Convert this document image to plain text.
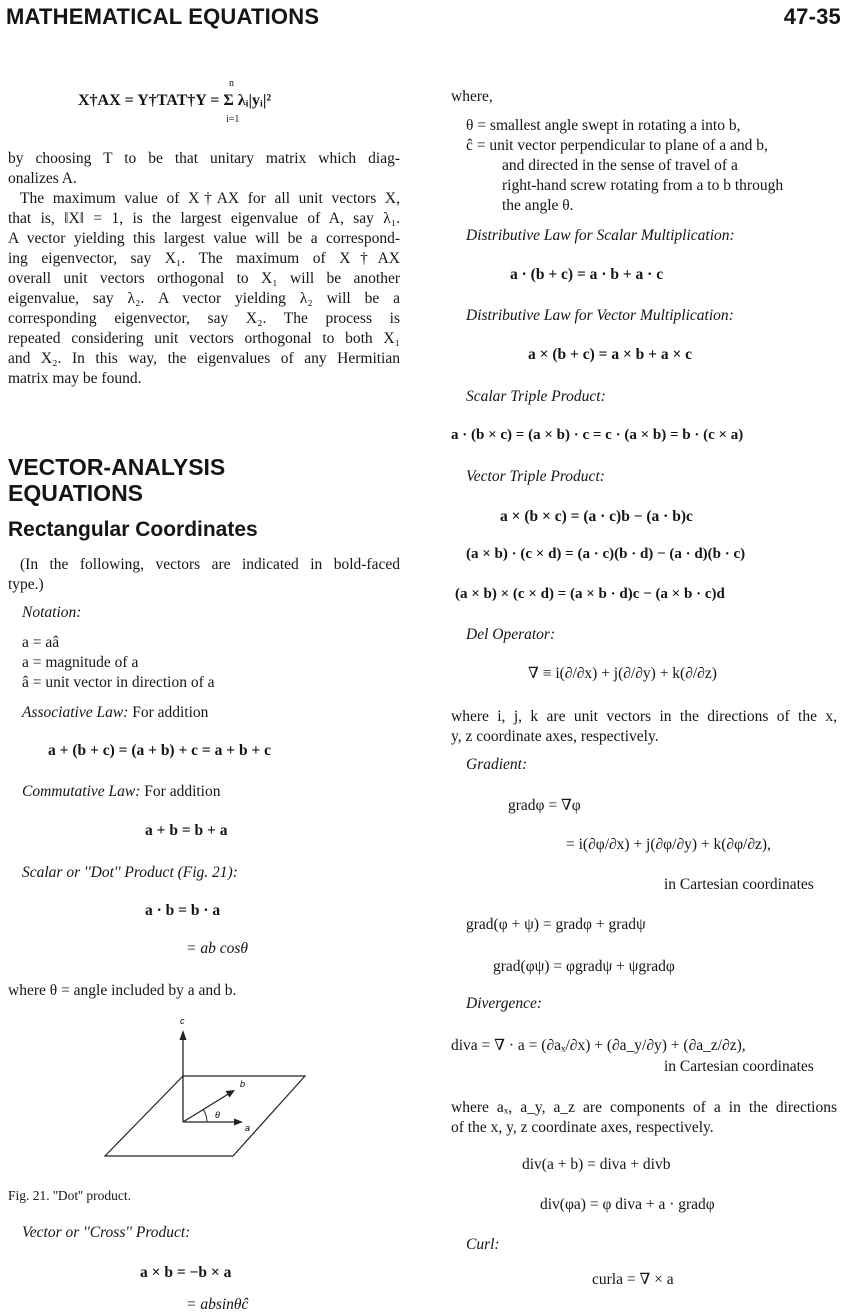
MATHEMATICAL EQUATIONS	47-35
X†AX = Y†TAT†Y = Σ λᵢ|yᵢ|²
n
i=1
by choosing T to be that unitary matrix which diag-
onalizes A.
The maximum value of X†AX for all unit vectors X,
that is, ‖X‖ = 1, is the largest eigenvalue of A, say λ₁.
A vector yielding this largest value will be a correspond-
ing eigenvector, say X₁. The maximum of X†AX
overall unit vectors orthogonal to X₁ will be another
eigenvalue, say λ₂. A vector yielding λ₂ will be a
corresponding eigenvector, say X₂. The process is
repeated considering unit vectors orthogonal to both X₁
and X₂. In this way, the eigenvalues of any Hermitian
matrix may be found.
VECTOR-ANALYSIS
EQUATIONS
Rectangular Coordinates
(In the following, vectors are indicated in bold-faced
type.)
Notation:
a = aâ
a = magnitude of a
â = unit vector in direction of a
Associative Law: For addition
a + (b + c) = (a + b) + c = a + b + c
Commutative Law: For addition
a + b = b + a
Scalar or ''Dot'' Product (Fig. 21):
a · b = b · a
= ab cosθ
where θ = angle included by a and b.
c
b
θ
a
Fig. 21. ''Dot'' product.
Vector or ''Cross'' Product:
a × b = −b × a
= absinθĉ
where,
θ = smallest angle swept in rotating a into b,
ĉ = unit vector perpendicular to plane of a and b,
and directed in the sense of travel of a
right-hand screw rotating from a to b through
the angle θ.
Distributive Law for Scalar Multiplication:
a · (b + c) = a · b + a · c
Distributive Law for Vector Multiplication:
a × (b + c) = a × b + a × c
Scalar Triple Product:
a · (b × c) = (a × b) · c = c · (a × b) = b · (c × a)
Vector Triple Product:
a × (b × c) = (a · c)b − (a · b)c
(a × b) · (c × d) = (a · c)(b · d) − (a · d)(b · c)
(a × b) × (c × d) = (a × b · d)c − (a × b · c)d
Del Operator:
∇ ≡ i(∂/∂x) + j(∂/∂y) + k(∂/∂z)
where i, j, k are unit vectors in the directions of the x,
y, z coordinate axes, respectively.
Gradient:
gradφ = ∇φ
= i(∂φ/∂x) + j(∂φ/∂y) + k(∂φ/∂z),
in Cartesian coordinates
grad(φ + ψ) = gradφ + gradψ
grad(φψ) = φgradψ + ψgradφ
Divergence:
diva = ∇ · a = (∂aₓ/∂x) + (∂a_y/∂y) + (∂a_z/∂z),
in Cartesian coordinates
where aₓ, a_y, a_z are components of a in the directions
of the x, y, z coordinate axes, respectively.
div(a + b) = diva + divb
div(φa) = φ diva + a · gradφ
Curl:
curla = ∇ × a
